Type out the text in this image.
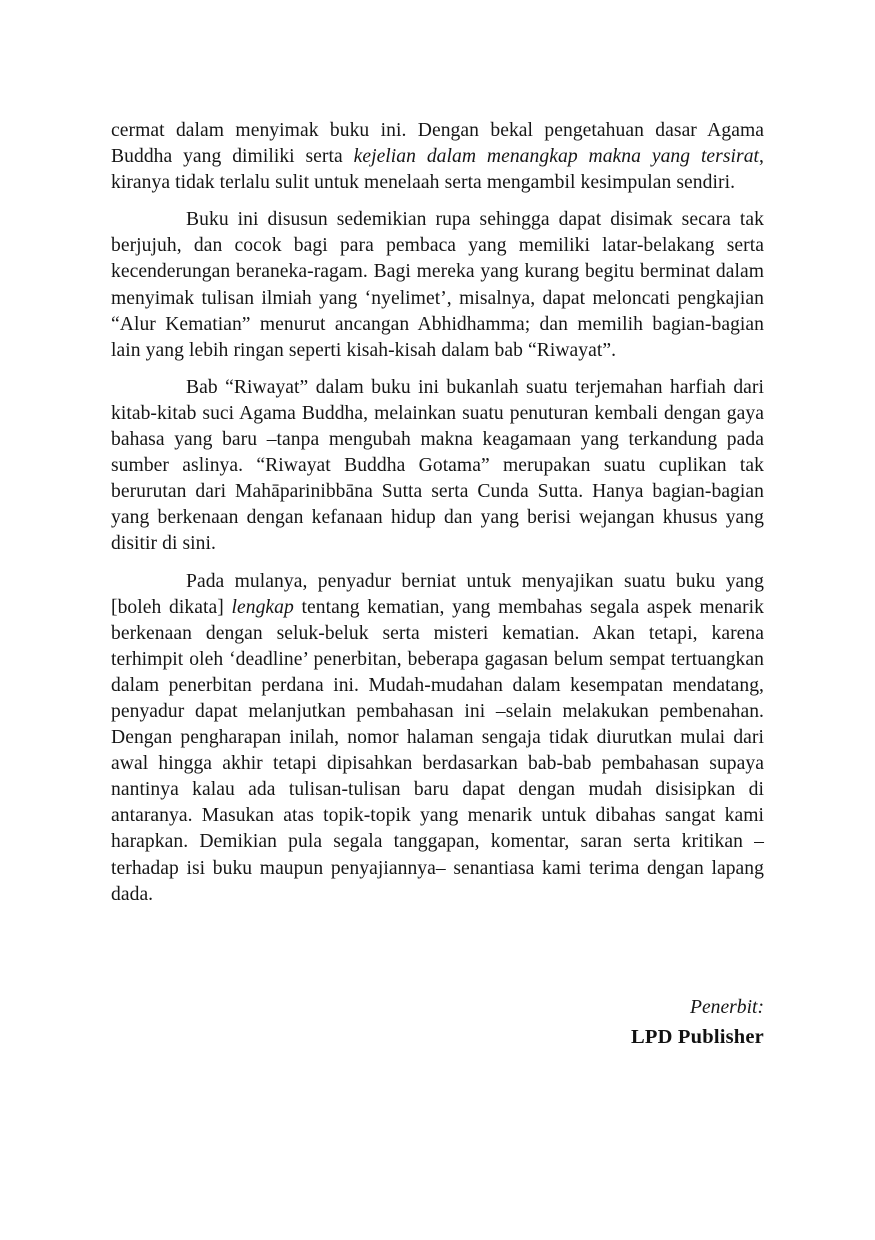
cermat dalam menyimak buku ini. Dengan bekal pengetahuan dasar Agama Buddha yang dimiliki serta kejelian dalam menangkap makna yang tersirat, kiranya tidak terlalu sulit untuk menelaah serta mengambil kesimpulan sendiri.

Buku ini disusun sedemikian rupa sehingga dapat disimak secara tak berjujuh, dan cocok bagi para pembaca yang memiliki latar-belakang serta kecenderungan beraneka-ragam. Bagi mereka yang kurang begitu berminat dalam menyimak tulisan ilmiah yang ‘nyelimet’, misalnya, dapat meloncati pengkajian “Alur Kematian” menurut ancangan Abhidhamma; dan memilih bagian-bagian lain yang lebih ringan seperti kisah-kisah dalam bab “Riwayat”.

Bab “Riwayat” dalam buku ini bukanlah suatu terjemahan harfiah dari kitab-kitab suci Agama Buddha, melainkan suatu penuturan kembali dengan gaya bahasa yang baru –tanpa mengubah makna keagamaan yang terkandung pada sumber aslinya. “Riwayat Buddha Gotama” merupakan suatu cuplikan tak berurutan dari Mahāparinibbāna Sutta serta Cunda Sutta. Hanya bagian-bagian yang berkenaan dengan kefanaan hidup dan yang berisi wejangan khusus yang disitir di sini.

Pada mulanya, penyadur berniat untuk menyajikan suatu buku yang [boleh dikata] lengkap tentang kematian, yang membahas segala aspek menarik berkenaan dengan seluk-beluk serta misteri kematian. Akan tetapi, karena terhimpit oleh ‘deadline’ penerbitan, beberapa gagasan belum sempat tertuangkan dalam penerbitan perdana ini. Mudah-mudahan dalam kesempatan mendatang, penyadur dapat melanjutkan pembahasan ini –selain melakukan pembenahan. Dengan pengharapan inilah, nomor halaman sengaja tidak diurutkan mulai dari awal hingga akhir tetapi dipisahkan berdasarkan bab-bab pembahasan supaya nantinya kalau ada tulisan-tulisan baru dapat dengan mudah disisipkan di antaranya. Masukan atas topik-topik yang menarik untuk dibahas sangat kami harapkan. Demikian pula segala tanggapan, komentar, saran serta kritikan –terhadap isi buku maupun penyajiannya– senantiasa kami terima dengan lapang dada.

Penerbit:
LPD Publisher
